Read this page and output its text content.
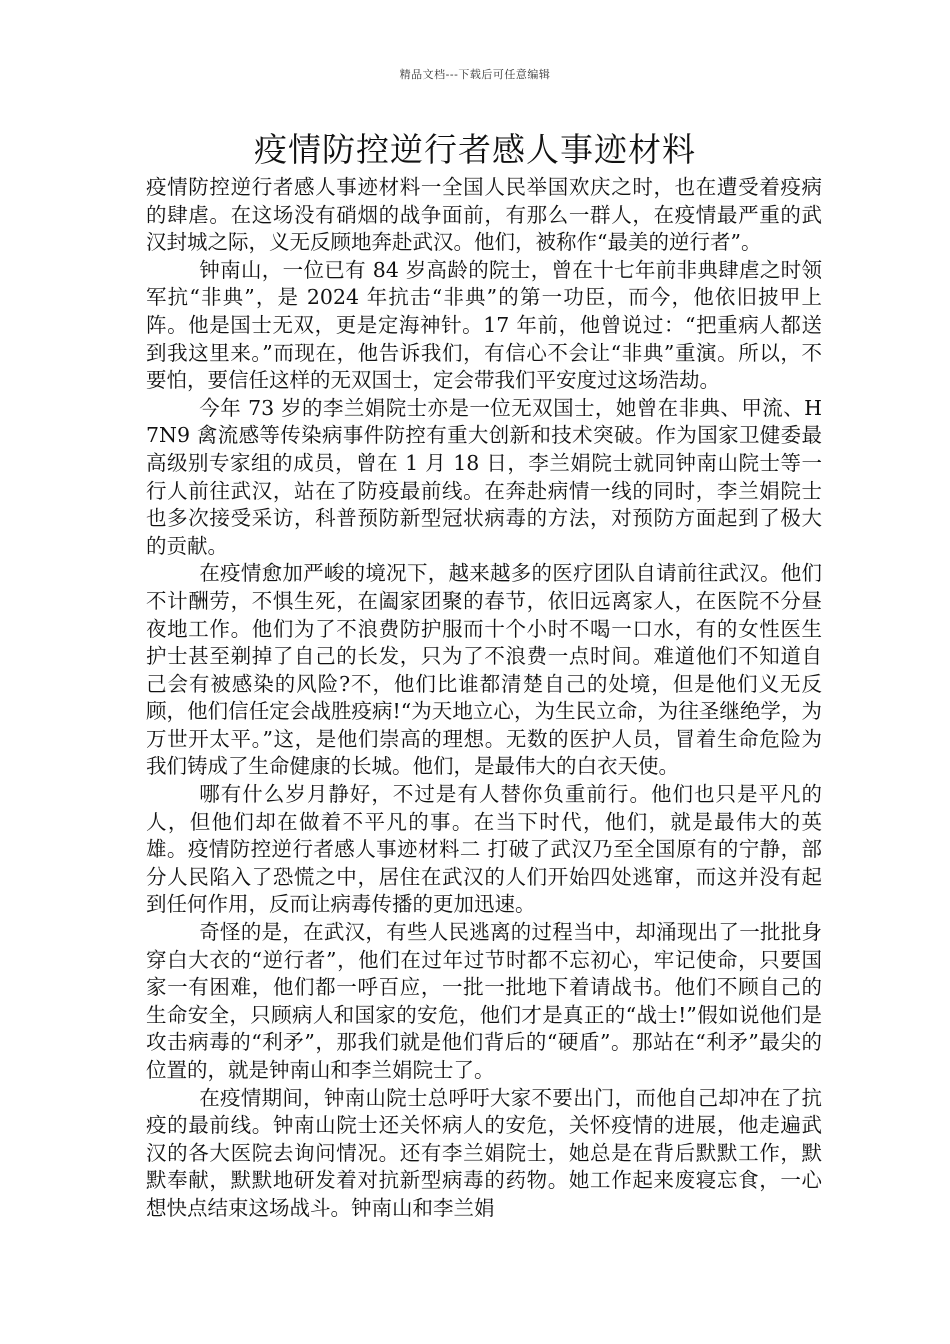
精品文档---下载后可任意编辑
疫情防控逆行者感人事迹材料

疫情防控逆行者感人事迹材料一全国人民举国欢庆之时，也在遭受着疫病的肆虐。在这场没有硝烟的战争面前，有那么一群人，在疫情最严重的武汉封城之际，义无反顾地奔赴武汉。他们，被称作“最美的逆行者”。

钟南山，一位已有 84 岁高龄的院士，曾在十七年前非典肆虐之时领军抗“非典”，是 2024 年抗击“非典”的第一功臣，而今，他依旧披甲上阵。他是国士无双，更是定海神针。17 年前，他曾说过：“把重病人都送到我这里来。”而现在，他告诉我们，有信心不会让“非典”重演。所以，不要怕，要信任这样的无双国士，定会带我们平安度过这场浩劫。

今年 73 岁的李兰娟院士亦是一位无双国士，她曾在非典、甲流、H7N9 禽流感等传染病事件防控有重大创新和技术突破。作为国家卫健委最高级别专家组的成员，曾在 1 月 18 日，李兰娟院士就同钟南山院士等一行人前往武汉，站在了防疫最前线。在奔赴病情一线的同时，李兰娟院士也多次接受采访，科普预防新型冠状病毒的方法，对预防方面起到了极大的贡献。

在疫情愈加严峻的境况下，越来越多的医疗团队自请前往武汉。他们不计酬劳，不惧生死，在阖家团聚的春节，依旧远离家人，在医院不分昼夜地工作。他们为了不浪费防护服而十个小时不喝一口水，有的女性医生护士甚至剃掉了自己的长发，只为了不浪费一点时间。难道他们不知道自己会有被感染的风险?不，他们比谁都清楚自己的处境，但是他们义无反顾，他们信任定会战胜疫病!“为天地立心，为生民立命，为往圣继绝学，为万世开太平。”这，是他们崇高的理想。无数的医护人员，冒着生命危险为我们铸成了生命健康的长城。他们，是最伟大的白衣天使。

哪有什么岁月静好，不过是有人替你负重前行。他们也只是平凡的人，但他们却在做着不平凡的事。在当下时代，他们，就是最伟大的英雄。疫情防控逆行者感人事迹材料二 打破了武汉乃至全国原有的宁静，部分人民陷入了恐慌之中，居住在武汉的人们开始四处逃窜，而这并没有起到任何作用，反而让病毒传播的更加迅速。

奇怪的是，在武汉，有些人民逃离的过程当中，却涌现出了一批批身穿白大衣的“逆行者”，他们在过年过节时都不忘初心，牢记使命，只要国家一有困难，他们都一呼百应，一批一批地下着请战书。他们不顾自己的生命安全，只顾病人和国家的安危，他们才是真正的“战士!”假如说他们是攻击病毒的“利矛”，那我们就是他们背后的“硬盾”。那站在“利矛”最尖的位置的，就是钟南山和李兰娟院士了。

在疫情期间，钟南山院士总呼吁大家不要出门，而他自己却冲在了抗疫的最前线。钟南山院士还关怀病人的安危，关怀疫情的进展，他走遍武汉的各大医院去询问情况。还有李兰娟院士，她总是在背后默默工作，默默奉献，默默地研发着对抗新型病毒的药物。她工作起来废寝忘食，一心想快点结束这场战斗。钟南山和李兰娟
